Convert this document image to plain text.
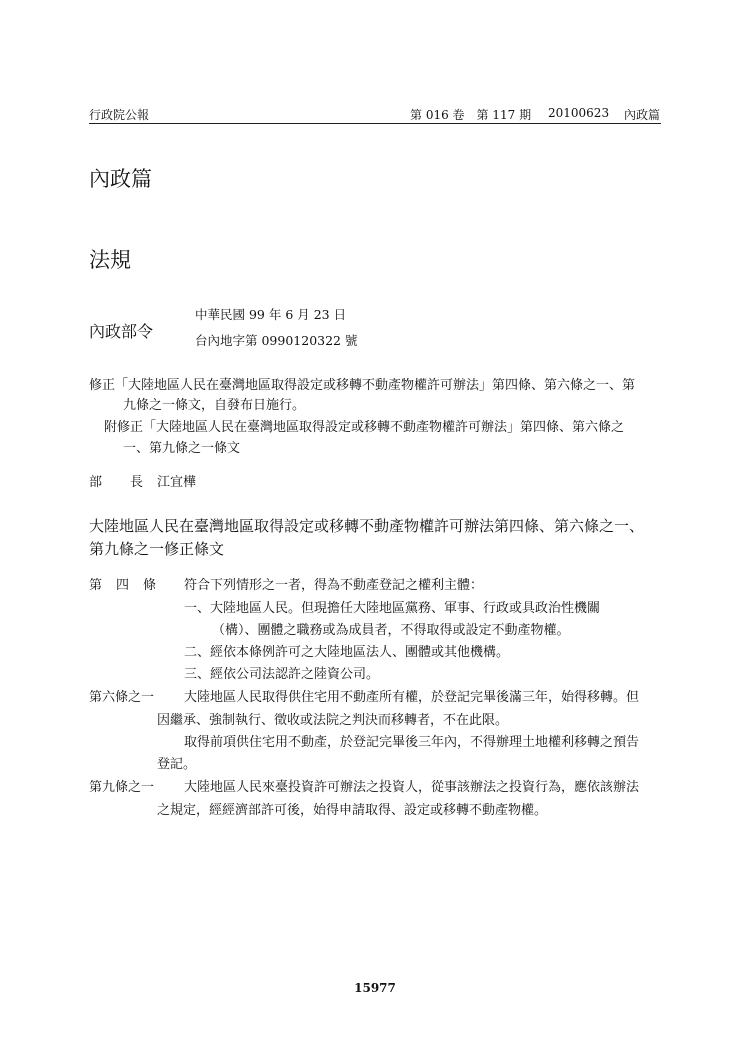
行政院公報	第 016 卷　第 117 期 20100623 內政篇
內政篇
法規
內政部令
中華民國 99 年 6 月 23 日
台內地字第 0990120322 號
修正「大陸地區人民在臺灣地區取得設定或移轉不動產物權許可辦法」第四條、第六條之一、第
九條之一條文，自發布日施行。
附修正「大陸地區人民在臺灣地區取得設定或移轉不動產物權許可辦法」第四條、第六條之
一、第九條之一條文
部 長 江宜樺
大陸地區人民在臺灣地區取得設定或移轉不動產物權許可辦法第四條、第六條之一、
第九條之一修正條文
第 四 條 符合下列情形之一者，得為不動產登記之權利主體：
一、大陸地區人民。但現擔任大陸地區黨務、軍事、行政或具政治性機關
（構）、團體之職務或為成員者，不得取得或設定不動產物權。
二、經依本條例許可之大陸地區法人、團體或其他機構。
三、經依公司法認許之陸資公司。
第六條之一 大陸地區人民取得供住宅用不動產所有權，於登記完畢後滿三年，始得移轉。但
因繼承、強制執行、徵收或法院之判決而移轉者，不在此限。
取得前項供住宅用不動產，於登記完畢後三年內，不得辦理土地權利移轉之預告
登記。
第九條之一 大陸地區人民來臺投資許可辦法之投資人，從事該辦法之投資行為，應依該辦法
之規定，經經濟部許可後，始得申請取得、設定或移轉不動產物權。
15977
